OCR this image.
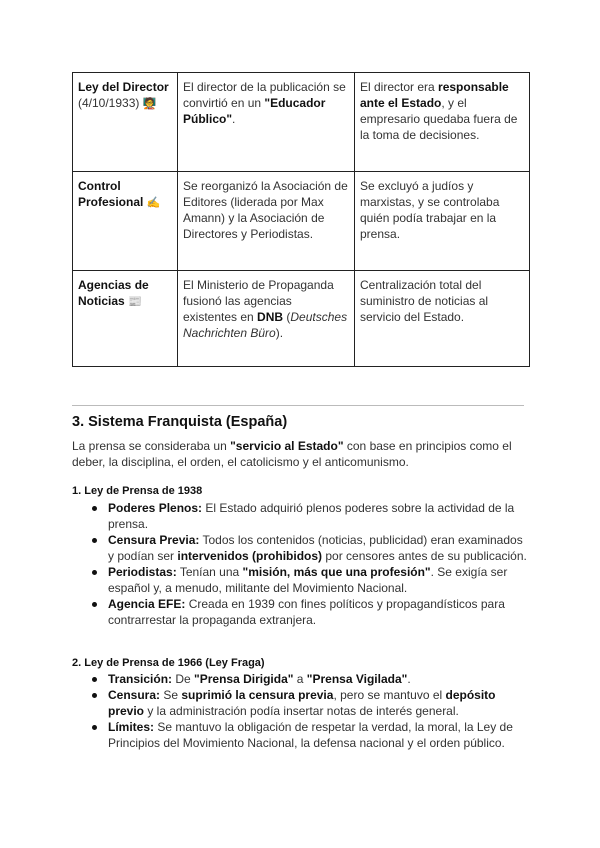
Ley del Director
(4/10/1933) 🧑‍🏫	El director de la publicación se convirtió en un "Educador Público".	El director era responsable ante el Estado, y el empresario quedaba fuera de la toma de decisiones.
Control Profesional ✍️	Se reorganizó la Asociación de Editores (liderada por Max Amann) y la Asociación de Directores y Periodistas.	Se excluyó a judíos y marxistas, y se controlaba quién podía trabajar en la prensa.
Agencias de Noticias 📰	El Ministerio de Propaganda fusionó las agencias existentes en DNB (Deutsches Nachrichten Büro).	Centralización total del suministro de noticias al servicio del Estado.
3. Sistema Franquista (España)

La prensa se consideraba un "servicio al Estado" con base en principios como el deber, la disciplina, el orden, el catolicismo y el anticomunismo.

1. Ley de Prensa de 1938
Poderes Plenos: El Estado adquirió plenos poderes sobre la actividad de la prensa.
Censura Previa: Todos los contenidos (noticias, publicidad) eran examinados y podían ser intervenidos (prohibidos) por censores antes de su publicación.
Periodistas: Tenían una "misión, más que una profesión". Se exigía ser español y, a menudo, militante del Movimiento Nacional.
Agencia EFE: Creada en 1939 con fines políticos y propagandísticos para contrarrestar la propaganda extranjera.
2. Ley de Prensa de 1966 (Ley Fraga)
Transición: De "Prensa Dirigida" a "Prensa Vigilada".
Censura: Se suprimió la censura previa, pero se mantuvo el depósito previo y la administración podía insertar notas de interés general.
Límites: Se mantuvo la obligación de respetar la verdad, la moral, la Ley de Principios del Movimiento Nacional, la defensa nacional y el orden público.
